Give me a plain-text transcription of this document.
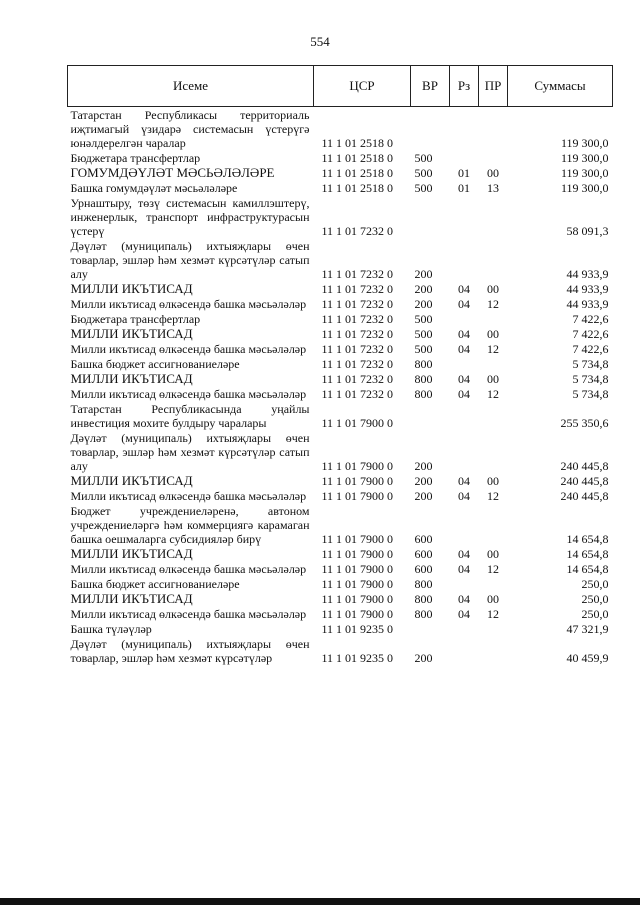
554
Исеме	ЦСР	ВР	Рз	ПР	Суммасы
Татарстан Республикасы территориаль иҗтимагый үзидарә системасын үстерүгә юнәлдерелгән чаралар	11 1 01 2518 0				119 300,0
Бюджетара трансфертлар	11 1 01 2518 0	500			119 300,0
ГОМУМДӘҮЛӘТ МӘСЬӘЛӘЛӘРЕ	11 1 01 2518 0	500	01	00	119 300,0
Башка гомумдәүләт мәсьәләләре	11 1 01 2518 0	500	01	13	119 300,0
Урнаштыру, төзү системасын камиллэштерү, инженерлык, транспорт инфраструктурасын үстерү	11 1 01 7232 0				58 091,3
Дәүләт (муниципаль) ихтыяҗлары өчен товарлар, эшләр һәм хезмәт күрсәтүләр сатып алу	11 1 01 7232 0	200			44 933,9
МИЛЛИ ИКЪТИСАД	11 1 01 7232 0	200	04	00	44 933,9
Милли икътисад өлкәсендә башка мәсьәләләр	11 1 01 7232 0	200	04	12	44 933,9
Бюджетара трансфертлар	11 1 01 7232 0	500			7 422,6
МИЛЛИ ИКЪТИСАД	11 1 01 7232 0	500	04	00	7 422,6
Милли икътисад өлкәсендә башка мәсьәләләр	11 1 01 7232 0	500	04	12	7 422,6
Башка бюджет ассигнованиеләре	11 1 01 7232 0	800			5 734,8
МИЛЛИ ИКЪТИСАД	11 1 01 7232 0	800	04	00	5 734,8
Милли икътисад өлкәсендә башка мәсьәләләр	11 1 01 7232 0	800	04	12	5 734,8
Татарстан Республикасында уңайлы инвестиция мохите булдыру чаралары	11 1 01 7900 0				255 350,6
Дәүләт (муниципаль) ихтыяҗлары өчен товарлар, эшләр һәм хезмәт күрсәтүләр сатып алу	11 1 01 7900 0	200			240 445,8
МИЛЛИ ИКЪТИСАД	11 1 01 7900 0	200	04	00	240 445,8
Милли икътисад өлкәсендә башка мәсьәләләр	11 1 01 7900 0	200	04	12	240 445,8
Бюджет учреждениеләренә, автоном учреждениеләргә һәм коммерциягә карамаган башка оешмаларга субсидияләр бирү	11 1 01 7900 0	600			14 654,8
МИЛЛИ ИКЪТИСАД	11 1 01 7900 0	600	04	00	14 654,8
Милли икътисад өлкәсендә башка мәсьәләләр	11 1 01 7900 0	600	04	12	14 654,8
Башка бюджет ассигнованиеләре	11 1 01 7900 0	800			250,0
МИЛЛИ ИКЪТИСАД	11 1 01 7900 0	800	04	00	250,0
Милли икътисад өлкәсендә башка мәсьәләләр	11 1 01 7900 0	800	04	12	250,0
Башка түләүләр	11 1 01 9235 0				47 321,9
Дәүләт (муниципаль) ихтыяҗлары өчен товарлар, эшләр һәм хезмәт күрсәтүләр	11 1 01 9235 0	200			40 459,9
